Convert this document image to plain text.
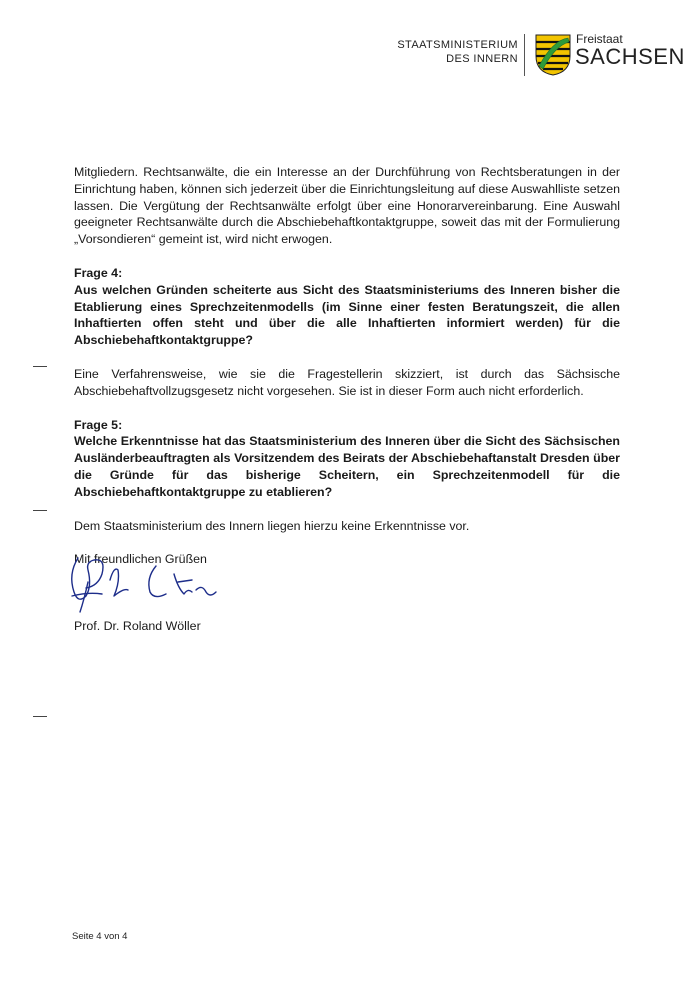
STAATSMINISTERIUM
DES INNERN
Freistaat
SACHSEN

Mitgliedern. Rechtsanwälte, die ein Interesse an der Durchführung von Rechtsberatungen in der Einrichtung haben, können sich jederzeit über die Einrichtungsleitung auf diese Auswahlliste setzen lassen. Die Vergütung der Rechtsanwälte erfolgt über eine Honorarvereinbarung. Eine Auswahl geeigneter Rechtsanwälte durch die Abschiebehaftkontaktgruppe, soweit das mit der Formulierung „Vorsondieren“ gemeint ist, wird nicht erwogen.

Frage 4:

Aus welchen Gründen scheiterte aus Sicht des Staatsministeriums des Inneren bisher die Etablierung eines Sprechzeitenmodells (im Sinne einer festen Beratungszeit, die allen Inhaftierten offen steht und über die alle Inhaftierten informiert werden) für die Abschiebehaftkontaktgruppe?

Eine Verfahrensweise, wie sie die Fragestellerin skizziert, ist durch das Sächsische Abschiebehaftvollzugsgesetz nicht vorgesehen. Sie ist in dieser Form auch nicht erforderlich.

Frage 5:

Welche Erkenntnisse hat das Staatsministerium des Inneren über die Sicht des Sächsischen Ausländerbeauftragten als Vorsitzendem des Beirats der Abschiebehaftanstalt Dresden über die Gründe für das bisherige Scheitern, ein Sprechzeitenmodell für die Abschiebehaftkontaktgruppe zu etablieren?

Dem Staatsministerium des Innern liegen hierzu keine Erkenntnisse vor.

Mit freundlichen Grüßen

Prof. Dr. Roland Wöller

Seite 4 von 4
